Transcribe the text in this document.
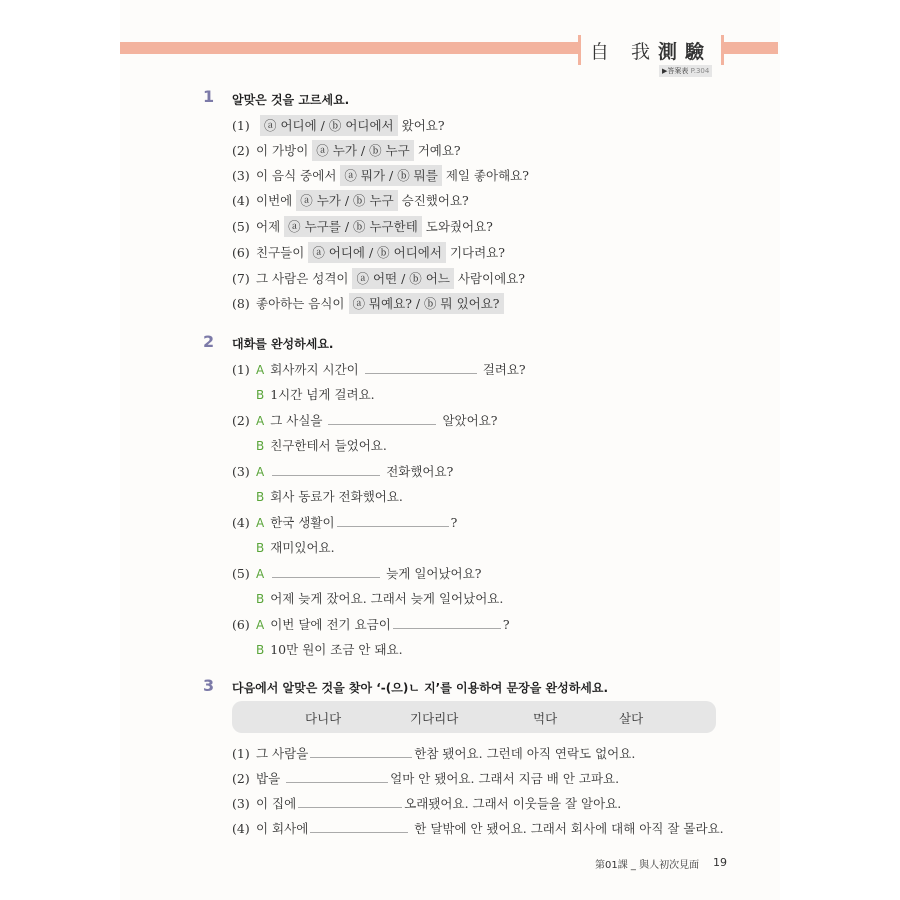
自 我 測驗
▶答案表 P.304
1 알맞은 것을 고르세요.
(1) ⓐ 어디에 / ⓑ 어디에서 왔어요?
(2) 이 가방이 ⓐ 누가 / ⓑ 누구 거예요?
(3) 이 음식 중에서 ⓐ 뭐가 / ⓑ 뭐를 제일 좋아해요?
(4) 이번에 ⓐ 누가 / ⓑ 누구 승진했어요?
(5) 어제 ⓐ 누구를 / ⓑ 누구한테 도와줬어요?
(6) 친구들이 ⓐ 어디에 / ⓑ 어디에서 기다려요?
(7) 그 사람은 성격이 ⓐ 어떤 / ⓑ 어느 사람이에요?
(8) 좋아하는 음식이 ⓐ 뭐예요? / ⓑ 뭐 있어요?
2 대화를 완성하세요.
(1) A 회사까지 시간이	걸려요?
B 1시간 넘게 걸려요.
(2) A 그 사실을	알았어요?
B 친구한테서 들었어요.
(3) A	전화했어요?
B 회사 동료가 전화했어요.
(4) A 한국 생활이	?
B 재미있어요.
(5) A	늦게 일어났어요?
B 어제 늦게 잤어요. 그래서 늦게 일어났어요.
(6) A 이번 달에 전기 요금이	?
B 10만 원이 조금 안 돼요.
3 다음에서 알맞은 것을 찾아 ‘-(으)ㄴ 지’를 이용하여 문장을 완성하세요.
다니다	기다리다	먹다	살다
(1) 그 사람을	한참 됐어요. 그런데 아직 연락도 없어요.
(2) 밥을	얼마 안 됐어요. 그래서 지금 배 안 고파요.
(3) 이 집에	오래됐어요. 그래서 이웃들을 잘 알아요.
(4) 이 회사에	한 달밖에 안 됐어요. 그래서 회사에 대해 아직 잘 몰라요.
第01課 _ 與人初次見面 19
